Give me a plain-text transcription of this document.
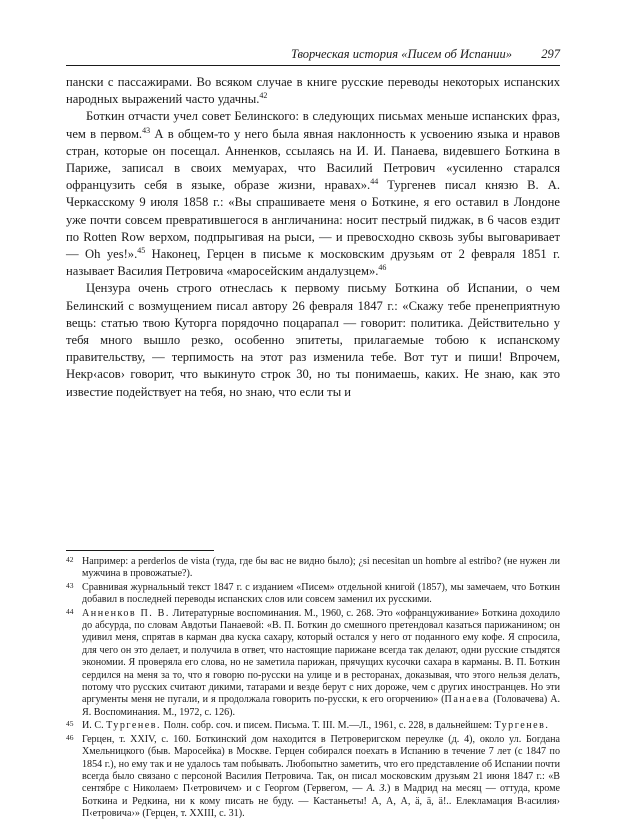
Творческая история «Писем об Испании» 297

пански с пассажирами. Во всяком случае в книге русские переводы некоторых испанских народных выражений часто удачны.$^{42}$

Боткин отчасти учел совет Белинского: в следующих письмах меньше испанских фраз, чем в первом.$^{43}$ А в общем-то у него была явная наклонность к усвоению языка и нравов стран, которые он посещал. Анненков, ссылаясь на И. И. Панаева, видевшего Боткина в Париже, записал в своих мемуарах, что Василий Петрович «усиленно старался офранцузить себя в языке, образе жизни, нравах».$^{44}$ Тургенев писал князю В. А. Черкасскому 9 июля 1858 г.: «Вы спрашиваете меня о Боткине, я его оставил в Лондоне уже почти совсем превратившегося в англичанина: носит пестрый пиджак, в 6 часов ездит по Rotten Row верхом, подпрыгивая на рыси, — и превосходно сквозь зубы выговаривает — Oh yes!».$^{45}$ Наконец, Герцен в письме к московским друзьям от 2 февраля 1851 г. называет Василия Петровича «маросейским андалузцем».$^{46}$

Цензура очень строго отнеслась к первому письму Боткина об Испании, о чем Белинский с возмущением писал автору 26 февраля 1847 г.: «Скажу тебе пренеприятную вещь: статью твою Куторга порядочно поцарапал — говорит: политика. Действительно у тебя много вышло резко, особенно эпитеты, прилагаемые тобою к испанскому правительству, — терпимость на этот раз изменила тебе. Вот тут и пиши! Впрочем, Некр‹асов› говорит, что выкинуто строк 30, но ты понимаешь, каких. Не знаю, как это известие подействует на тебя, но знаю, что если ты и

42 Например: a perderlos de vista (туда, где бы вас не видно было); ¿si necesitan un hombre al estribo? (не нужен ли мужчина в провожатые?).
43 Сравнивая журнальный текст 1847 г. с изданием «Писем» отдельной книгой (1857), мы замечаем, что Боткин добавил в последней переводы испанских слов или совсем заменил их русскими.
44 Анненков П. В. Литературные воспоминания. М., 1960, с. 268. Это «офранцуживание» Боткина доходило до абсурда, по словам Авдотьи Панаевой: «В. П. Боткин до смешного претендовал казаться парижанином; он удивил меня, спрятав в карман два куска сахару, который остался у него от поданного ему кофе. Я спросила, для чего он это делает, и получила в ответ, что настоящие парижане всегда так делают, одни русские стыдятся экономии. Я проверяла его слова, но не заметила парижан, прячущих кусочки сахара в карманы. В. П. Боткин сердился на меня за то, что я говорю по-русски на улице и в ресторанах, доказывая, что этого нельзя делать, потому что русских считают дикими, татарами и везде берут с них дороже, чем с других иностранцев. Но эти аргументы меня не пугали, и я продолжала говорить по-русски, к его огорчению» (Панаева (Головачева) А. Я. Воспоминания. М., 1972, с. 126).
45 И. С. Тургенев. Полн. собр. соч. и писем. Письма. Т. III. М.—Л., 1961, с. 228, в дальнейшем: Тургенев.
46 Герцен, т. XXIV, с. 160. Боткинский дом находится в Петроверигском переулке (д. 4), около ул. Богдана Хмельницкого (быв. Маросейка) в Москве. Герцен собирался поехать в Испанию в течение 7 лет (с 1847 по 1854 г.), но ему так и не удалось там побывать. Любопытно заметить, что его представление об Испании почти всегда было связано с персоной Василия Петровича. Так, он писал московским друзьям 21 июня 1847 г.: «В сентябре с Николаем› П‹етровичем› и с Георгом (Гервегом, — А. З.) в Мадрид на месяц — оттуда, кроме Боткина и Редкина, ни к кому писать не буду. — Кастаньеты! А, А, А, ä, ä, ä!.. Елекламация В‹асилия› П‹етровича›» (Герцен, т. XXIII, с. 31).
